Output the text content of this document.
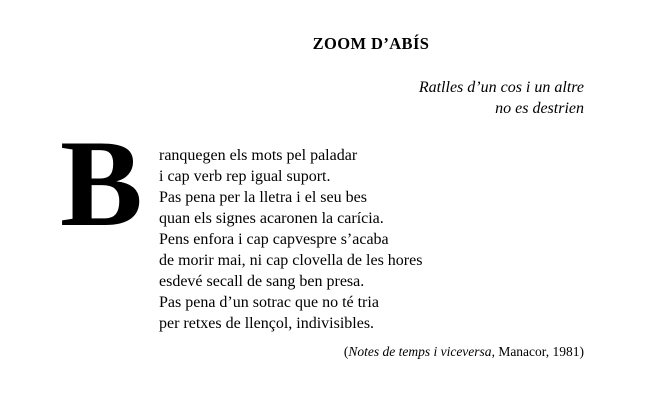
ZOOM D’ABÍS
Ratlles d’un cos i un altre
no es destrien
B ranquegen els mots pel paladar
i cap verb rep igual suport.
Pas pena per la lletra i el seu bes
quan els signes acaronen la carícia.
Pens enfora i cap capvespre s’acaba
de morir mai, ni cap clovella de les hores
esdevé secall de sang ben presa.
Pas pena d’un sotrac que no té tria
per retxes de llençol, indivisibles.
(Notes de temps i viceversa, Manacor, 1981)
